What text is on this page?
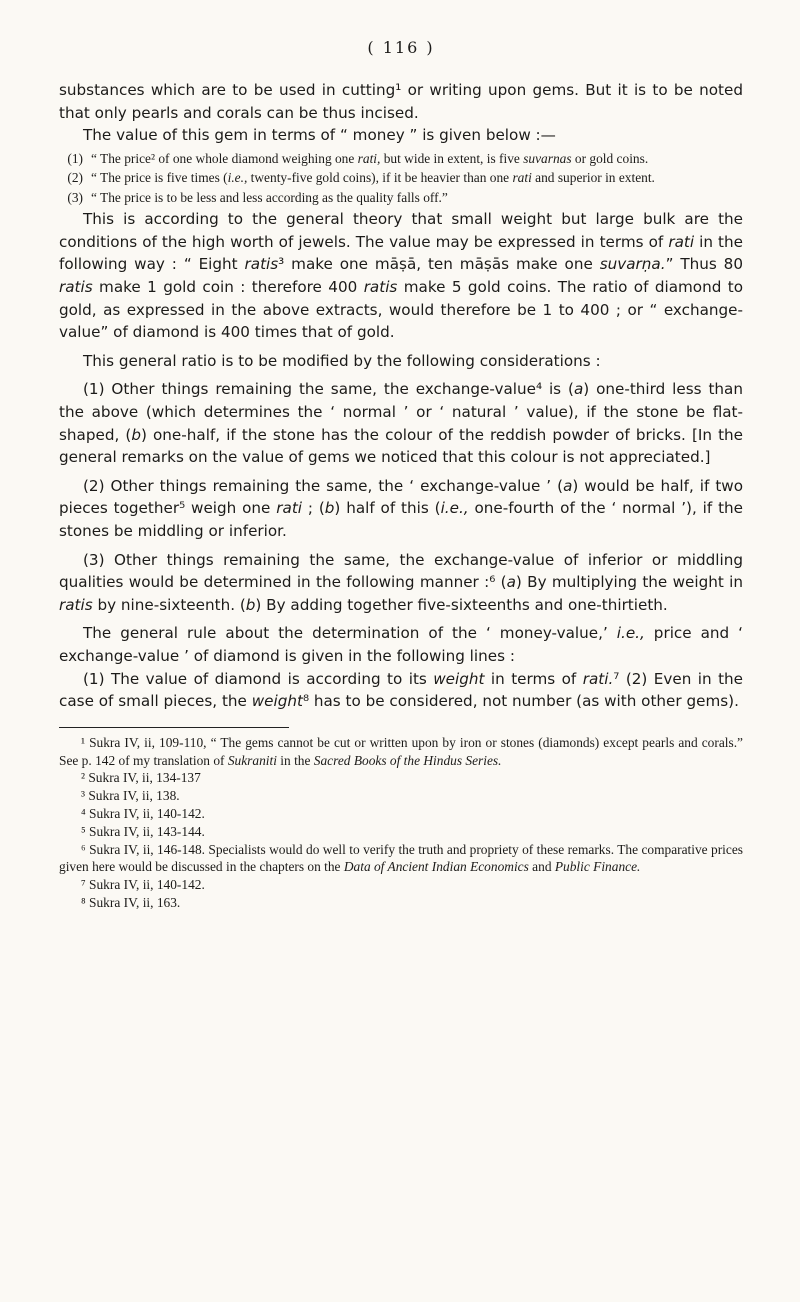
( 116 )

substances which are to be used in cutting¹ or writing upon gems. But it is to be noted that only pearls and corals can be thus incised.

The value of this gem in terms of “ money ” is given below :—

(1) “ The price² of one whole diamond weighing one rati, but wide in extent, is five suvarnas or gold coins.
(2) “ The price is five times (i.e., twenty-five gold coins), if it be heavier than one rati and superior in extent.
(3) “ The price is to be less and less according as the quality falls off.”

This is according to the general theory that small weight but large bulk are the conditions of the high worth of jewels. The value may be expressed in terms of rati in the following way : “ Eight ratis³ make one māṣā, ten māṣās make one suvarṇa.” Thus 80 ratis make 1 gold coin : therefore 400 ratis make 5 gold coins. The ratio of diamond to gold, as expressed in the above extracts, would therefore be 1 to 400 ; or “ exchange-value” of diamond is 400 times that of gold.

This general ratio is to be modified by the following considerations :

(1) Other things remaining the same, the exchange-value⁴ is (a) one-third less than the above (which determines the ‘ normal ’ or ‘ natural ’ value), if the stone be flat-shaped, (b) one-half, if the stone has the colour of the reddish powder of bricks. [In the general remarks on the value of gems we noticed that this colour is not appreciated.]

(2) Other things remaining the same, the ‘ exchange-value ’ (a) would be half, if two pieces together⁵ weigh one rati ; (b) half of this (i.e., one-fourth of the ‘ normal ’), if the stones be middling or inferior.

(3) Other things remaining the same, the exchange-value of inferior or middling qualities would be determined in the following manner :⁶ (a) By multiplying the weight in ratis by nine-sixteenth. (b) By adding together five-sixteenths and one-thirtieth.

The general rule about the determination of the ‘ money-value,’ i.e., price and ‘ exchange-value ’ of diamond is given in the following lines :

(1) The value of diamond is according to its weight in terms of rati.⁷ (2) Even in the case of small pieces, the weight⁸ has to be considered, not number (as with other gems).

¹ Sukra IV, ii, 109-110, “ The gems cannot be cut or written upon by iron or stones (diamonds) except pearls and corals.” See p. 142 of my translation of Sukraniti in the Sacred Books of the Hindus Series.

² Sukra IV, ii, 134-137

³ Sukra IV, ii, 138.

⁴ Sukra IV, ii, 140-142.

⁵ Sukra IV, ii, 143-144.

⁶ Sukra IV, ii, 146-148. Specialists would do well to verify the truth and propriety of these remarks. The comparative prices given here would be discussed in the chapters on the Data of Ancient Indian Economics and Public Finance.

⁷ Sukra IV, ii, 140-142.

⁸ Sukra IV, ii, 163.
